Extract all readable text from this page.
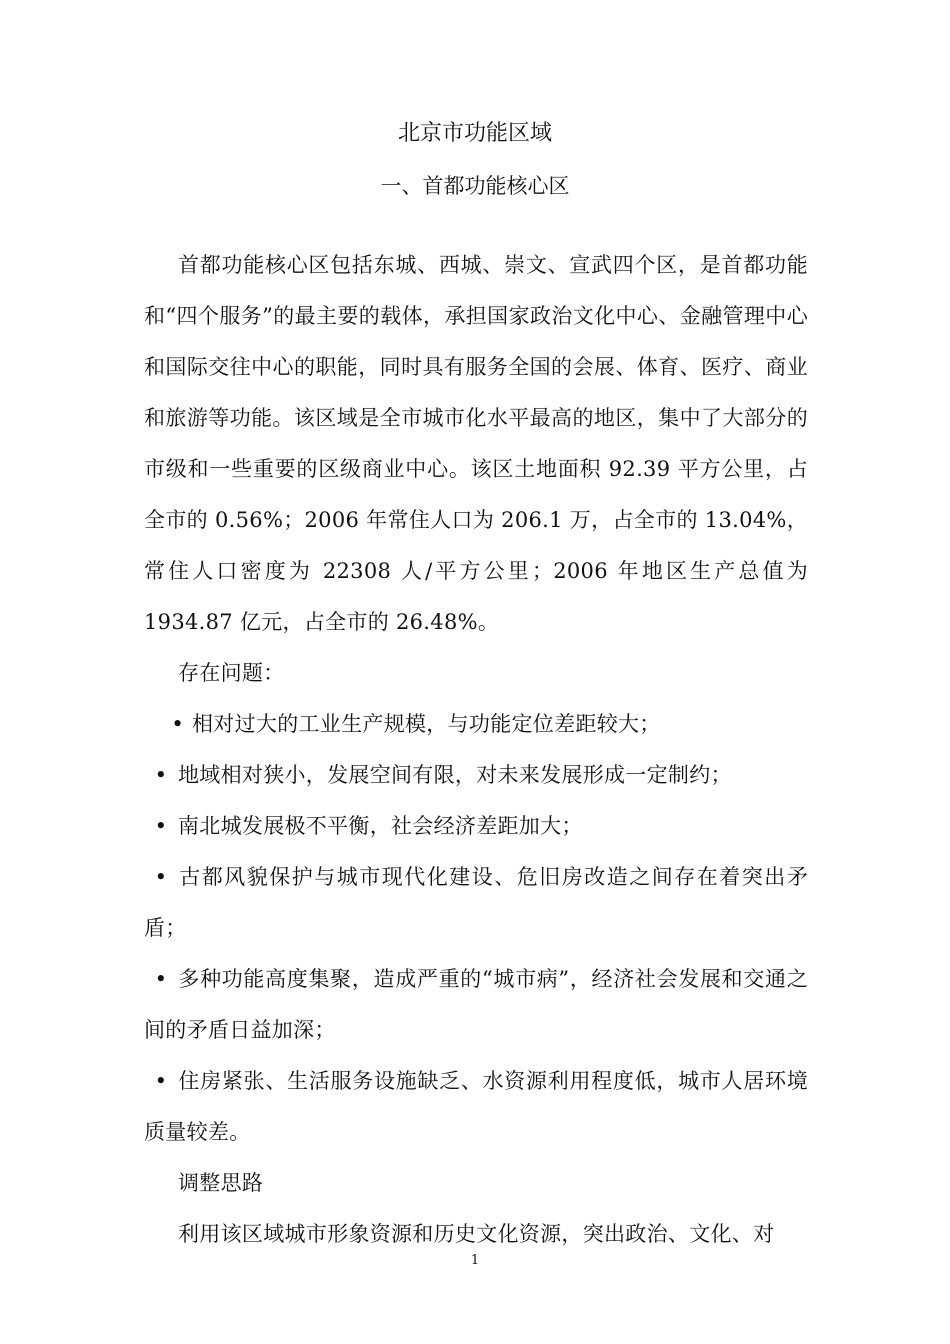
北京市功能区域
一、首都功能核心区

首都功能核心区包括东城、西城、崇文、宣武四个区，是首都功能和“四个服务”的最主要的载体，承担国家政治文化中心、金融管理中心和国际交往中心的职能，同时具有服务全国的会展、体育、医疗、商业和旅游等功能。该区域是全市城市化水平最高的地区，集中了大部分的市级和一些重要的区级商业中心。该区土地面积 92.39 平方公里，占全市的 0.56%；2006 年常住人口为 206.1 万，占全市的 13.04%，常住人口密度为 22308 人/平方公里；2006 年地区生产总值为 1934.87 亿元，占全市的 26.48%。

存在问题：

• 相对过大的工业生产规模，与功能定位差距较大；

• 地域相对狭小，发展空间有限，对未来发展形成一定制约；

• 南北城发展极不平衡，社会经济差距加大；

• 古都风貌保护与城市现代化建设、危旧房改造之间存在着突出矛盾；

• 多种功能高度集聚，造成严重的“城市病”，经济社会发展和交通之间的矛盾日益加深；

• 住房紧张、生活服务设施缺乏、水资源利用程度低，城市人居环境质量较差。

调整思路

利用该区域城市形象资源和历史文化资源，突出政治、文化、对

1
